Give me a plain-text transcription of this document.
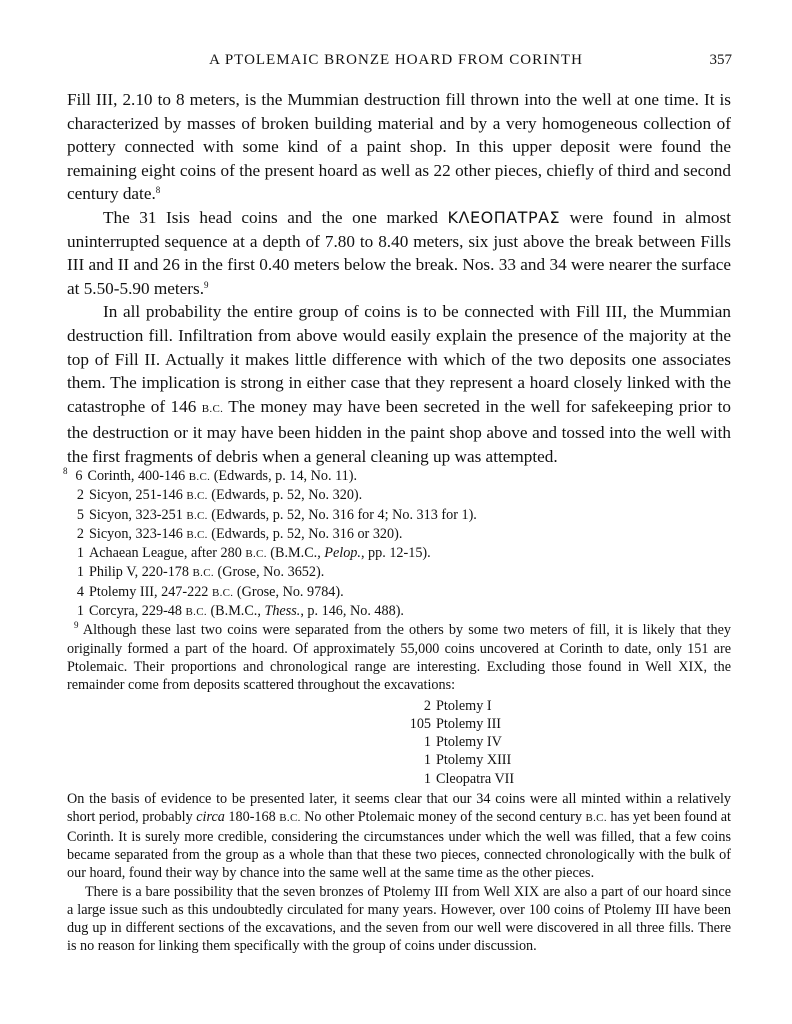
A PTOLEMAIC BRONZE HOARD FROM CORINTH	357

Fill III, 2.10 to 8 meters, is the Mummian destruction fill thrown into the well at one time. It is characterized by masses of broken building material and by a very homogeneous collection of pottery connected with some kind of a paint shop. In this upper deposit were found the remaining eight coins of the present hoard as well as 22 other pieces, chiefly of third and second century date.$^8$

The 31 Isis head coins and the one marked ΚΛΕΟΠΑΤΡΑΣ were found in almost uninterrupted sequence at a depth of 7.80 to 8.40 meters, six just above the break between Fills III and II and 26 in the first 0.40 meters below the break. Nos. 33 and 34 were nearer the surface at 5.50-5.90 meters.$^9$

In all probability the entire group of coins is to be connected with Fill III, the Mummian destruction fill. Infiltration from above would easily explain the presence of the majority at the top of Fill II. Actually it makes little difference with which of the two deposits one associates them. The implication is strong in either case that they represent a hoard closely linked with the catastrophe of 146 B.C. The money may have been secreted in the well for safekeeping prior to the destruction or it may have been hidden in the paint shop above and tossed into the well with the first fragments of debris when a general cleaning up was attempted.

$^8$ 6 Corinth, 400-146 B.C. (Edwards, p. 14, No. 11).
2 Sicyon, 251-146 B.C. (Edwards, p. 52, No. 320).
5 Sicyon, 323-251 B.C. (Edwards, p. 52, No. 316 for 4; No. 313 for 1).
2 Sicyon, 323-146 B.C. (Edwards, p. 52, No. 316 or 320).
1 Achaean League, after 280 B.C. (B.M.C., Pelop., pp. 12-15).
1 Philip V, 220-178 B.C. (Grose, No. 3652).
4 Ptolemy III, 247-222 B.C. (Grose, No. 9784).
1 Corcyra, 229-48 B.C. (B.M.C., Thess., p. 146, No. 488).

$^9$ Although these last two coins were separated from the others by some two meters of fill, it is likely that they originally formed a part of the hoard. Of approximately 55,000 coins uncovered at Corinth to date, only 151 are Ptolemaic. Their proportions and chronological range are interesting. Excluding those found in Well XIX, the remainder come from deposits scattered throughout the excavations:

2 Ptolemy I
105 Ptolemy III
1 Ptolemy IV
1 Ptolemy XIII
1 Cleopatra VII

On the basis of evidence to be presented later, it seems clear that our 34 coins were all minted within a relatively short period, probably circa 180-168 B.C. No other Ptolemaic money of the second century B.C. has yet been found at Corinth. It is surely more credible, considering the circumstances under which the well was filled, that a few coins became separated from the group as a whole than that these two pieces, connected chronologically with the bulk of our hoard, found their way by chance into the same well at the same time as the other pieces.

There is a bare possibility that the seven bronzes of Ptolemy III from Well XIX are also a part of our hoard since a large issue such as this undoubtedly circulated for many years. However, over 100 coins of Ptolemy III have been dug up in different sections of the excavations, and the seven from our well were discovered in all three fills. There is no reason for linking them specifically with the group of coins under discussion.
